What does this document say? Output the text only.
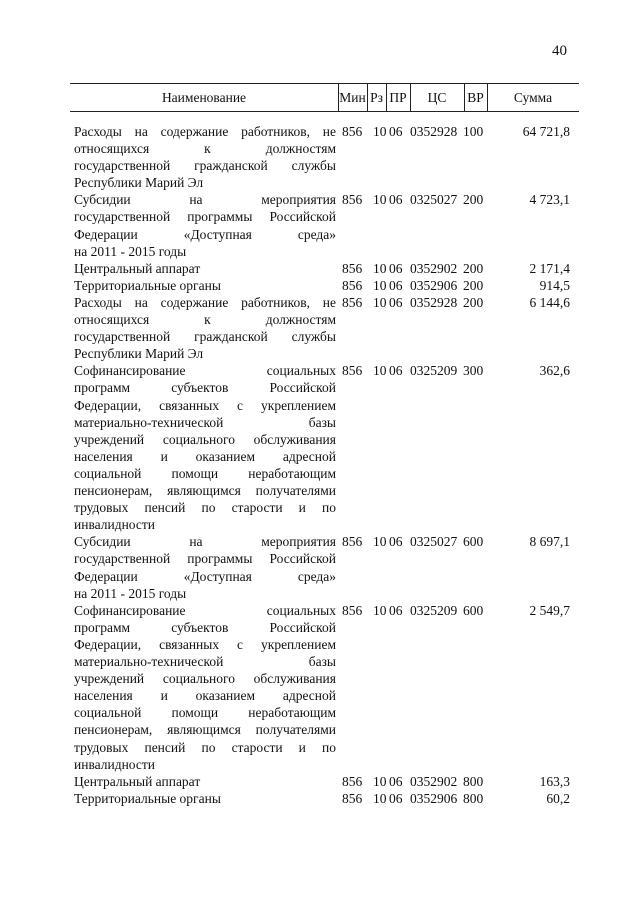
40
Наименование	Мин Рз ПР	ЦС	ВР	Сумма
Расходы на содержание работников, не
относящихся к должностям
государственной гражданской службы
Республики Марий Эл
856 10 06 0352928 100	64 721,8
Субсидии на мероприятия
государственной программы Российской
Федерации «Доступная среда»
на 2011 - 2015 годы
856 10 06 0325027 200	4 723,1
Центральный аппарат	856 10 06 0352902 200	2 171,4
Территориальные органы	856 10 06 0352906 200	914,5
Расходы на содержание работников, не
относящихся к должностям
государственной гражданской службы
Республики Марий Эл
856 10 06 0352928 200	6 144,6
Софинансирование социальных
программ субъектов Российской
Федерации, связанных с укреплением
материально-технической базы
учреждений социального обслуживания
населения и оказанием адресной
социальной помощи неработающим
пенсионерам, являющимся получателями
трудовых пенсий по старости и по
инвалидности
856 10 06 0325209 300	362,6
Субсидии на мероприятия
государственной программы Российской
Федерации «Доступная среда»
на 2011 - 2015 годы
856 10 06 0325027 600	8 697,1
Софинансирование социальных
программ субъектов Российской
Федерации, связанных с укреплением
материально-технической базы
учреждений социального обслуживания
населения и оказанием адресной
социальной помощи неработающим
пенсионерам, являющимся получателями
трудовых пенсий по старости и по
инвалидности
856 10 06 0325209 600	2 549,7
Центральный аппарат	856 10 06 0352902 800	163,3
Территориальные органы	856 10 06 0352906 800	60,2
